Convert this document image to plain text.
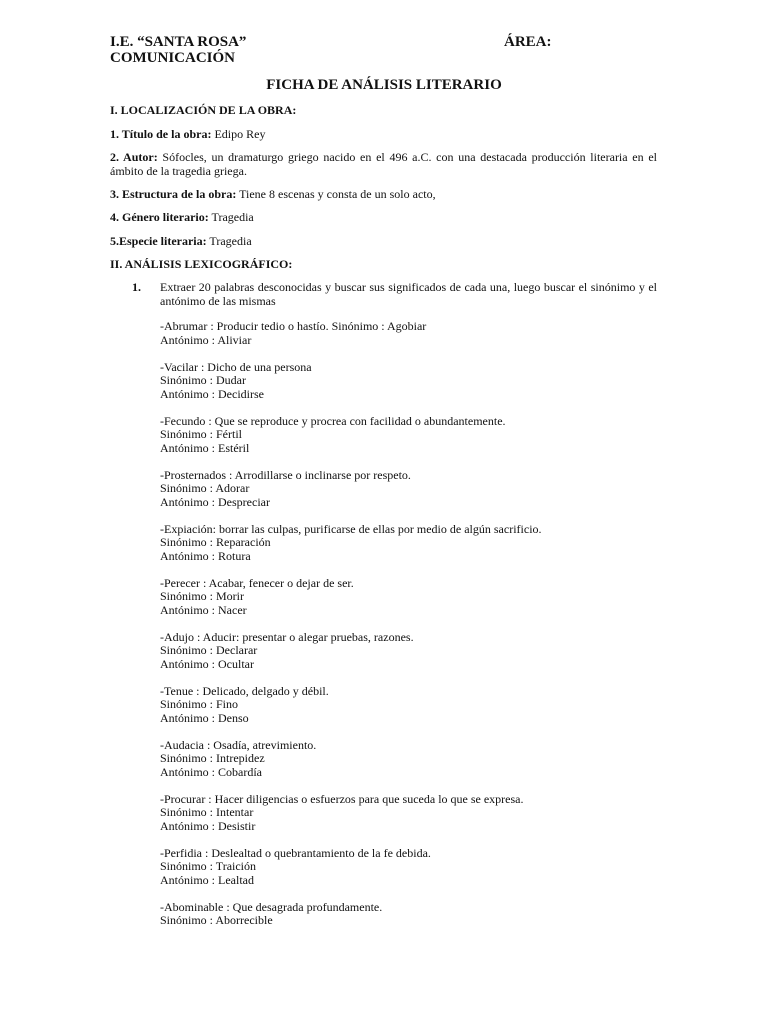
I.E. “SANTA ROSA”	ÁREA:
COMUNICACIÓN
FICHA DE ANÁLISIS LITERARIO
I. LOCALIZACIÓN DE LA OBRA:
1. Título de la obra: Edipo Rey
2. Autor: Sófocles, un dramaturgo griego nacido en el 496 a.C. con una destacada producción literaria en el ámbito de la tragedia griega.
3. Estructura de la obra: Tiene 8 escenas y consta de un solo acto,
4. Género literario: Tragedia
5.Especie literaria: Tragedia
II. ANÁLISIS LEXICOGRÁFICO:
1. Extraer 20 palabras desconocidas y buscar sus significados de cada una, luego buscar el sinónimo y el antónimo de las mismas
-Abrumar : Producir tedio o hastío. Sinónimo : Agobiar
Antónimo : Aliviar
-Vacilar : Dicho de una persona
Sinónimo : Dudar
Antónimo : Decidirse
-Fecundo : Que se reproduce y procrea con facilidad o abundantemente.
Sinónimo : Fértil
Antónimo : Estéril
-Prosternados : Arrodillarse o inclinarse por respeto.
Sinónimo : Adorar
Antónimo : Despreciar
-Expiación: borrar las culpas, purificarse de ellas por medio de algún sacrificio.
Sinónimo : Reparación
Antónimo : Rotura
-Perecer : Acabar, fenecer o dejar de ser.
Sinónimo : Morir
Antónimo : Nacer
-Adujo : Aducir: presentar o alegar pruebas, razones.
Sinónimo : Declarar
Antónimo : Ocultar
-Tenue : Delicado, delgado y débil.
Sinónimo : Fino
Antónimo : Denso
-Audacia : Osadía, atrevimiento.
Sinónimo : Intrepidez
Antónimo : Cobardía
-Procurar : Hacer diligencias o esfuerzos para que suceda lo que se expresa.
Sinónimo : Intentar
Antónimo : Desistir
-Perfidia : Deslealtad o quebrantamiento de la fe debida.
Sinónimo : Traición
Antónimo : Lealtad
-Abominable : Que desagrada profundamente.
Sinónimo : Aborrecible
